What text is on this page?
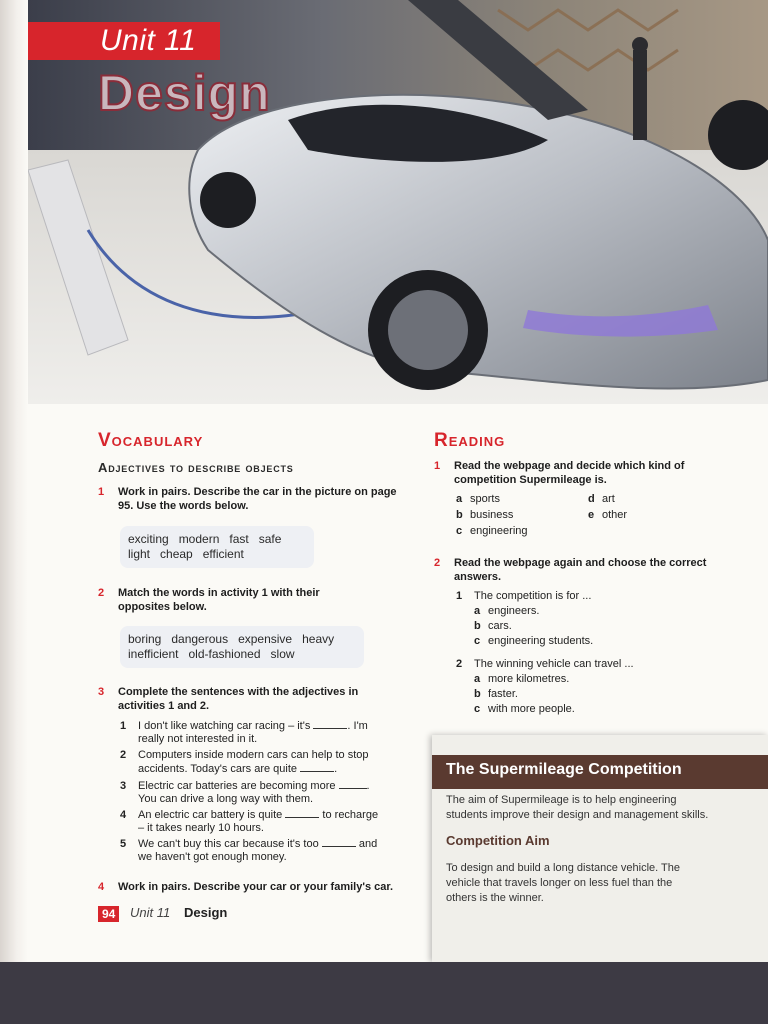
Unit 11
Design
Vocabulary
Adjectives to describe objects
1 Work in pairs. Describe the car in the picture on page 95. Use the words below.
exciting   modern   fast   safe
light   cheap   efficient
2 Match the words in activity 1 with their opposites below.
boring   dangerous   expensive   heavy
inefficient   old-fashioned   slow
3 Complete the sentences with the adjectives in activities 1 and 2.
1 I don't like watching car racing – it's	. I'm
really not interested in it.
2 Computers inside modern cars can help to stop
accidents. Today's cars are quite	.
3 Electric car batteries are becoming more	.
You can drive a long way with them.
4 An electric car battery is quite	to recharge
– it takes nearly 10 hours.
5 We can't buy this car because it's too	and
we haven't got enough money.
4 Work in pairs. Describe your car or your family's car.
Reading
1 Read the webpage and decide which kind of
competition Supermileage is.
a sports
b business
c engineering
d art
e other
2 Read the webpage again and choose the correct
answers.
1 The competition is for ...
a engineers.
b cars.
c engineering students.
2 The winning vehicle can travel ...
a more kilometres.
b faster.
c with more people.
The Supermileage Competition
The aim of Supermileage is to help engineering
students improve their design and management skills.
Competition Aim
To design and build a long distance vehicle. The
vehicle that travels longer on less fuel than the
others is the winner.
94	Unit 11 Design
